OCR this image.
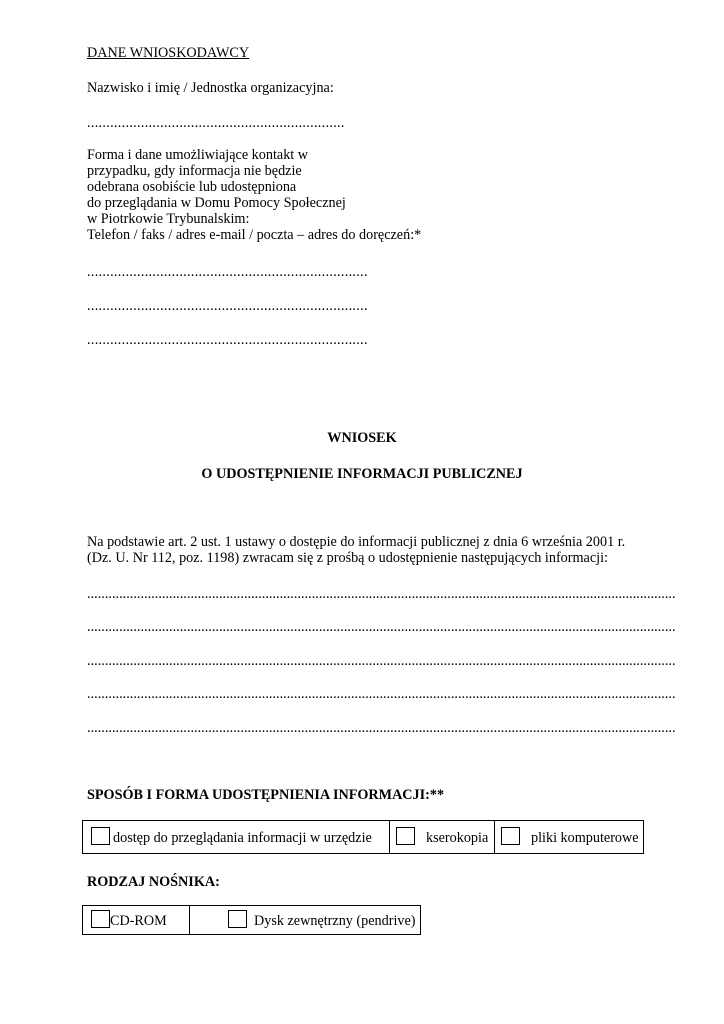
DANE WNIOSKODAWCY
Nazwisko i imię / Jednostka organizacyjna:
...................................................................
Forma i dane umożliwiające kontakt w
przypadku, gdy informacja nie będzie
odebrana osobiście lub udostępniona
do przeglądania w Domu Pomocy Społecznej
w Piotrkowie Trybunalskim:
Telefon / faks / adres e-mail / poczta – adres do doręczeń:*
.........................................................................
.........................................................................
.........................................................................
WNIOSEK
O UDOSTĘPNIENIE INFORMACJI PUBLICZNEJ
Na podstawie art. 2 ust. 1 ustawy o dostępie do informacji publicznej z dnia 6 września 2001 r.
(Dz. U. Nr 112, poz. 1198) zwracam się z prośbą o udostępnienie następujących informacji:
.....................................................................................................................................................................
.....................................................................................................................................................................
.....................................................................................................................................................................
.....................................................................................................................................................................
.....................................................................................................................................................................
SPOSÓB I FORMA UDOSTĘPNIENIA INFORMACJI:**
dostęp do przeglądania informacji w urzędzie	kserokopia	pliki komputerowe
RODZAJ NOŚNIKA:
CD-ROM	Dysk zewnętrzny (pendrive)
